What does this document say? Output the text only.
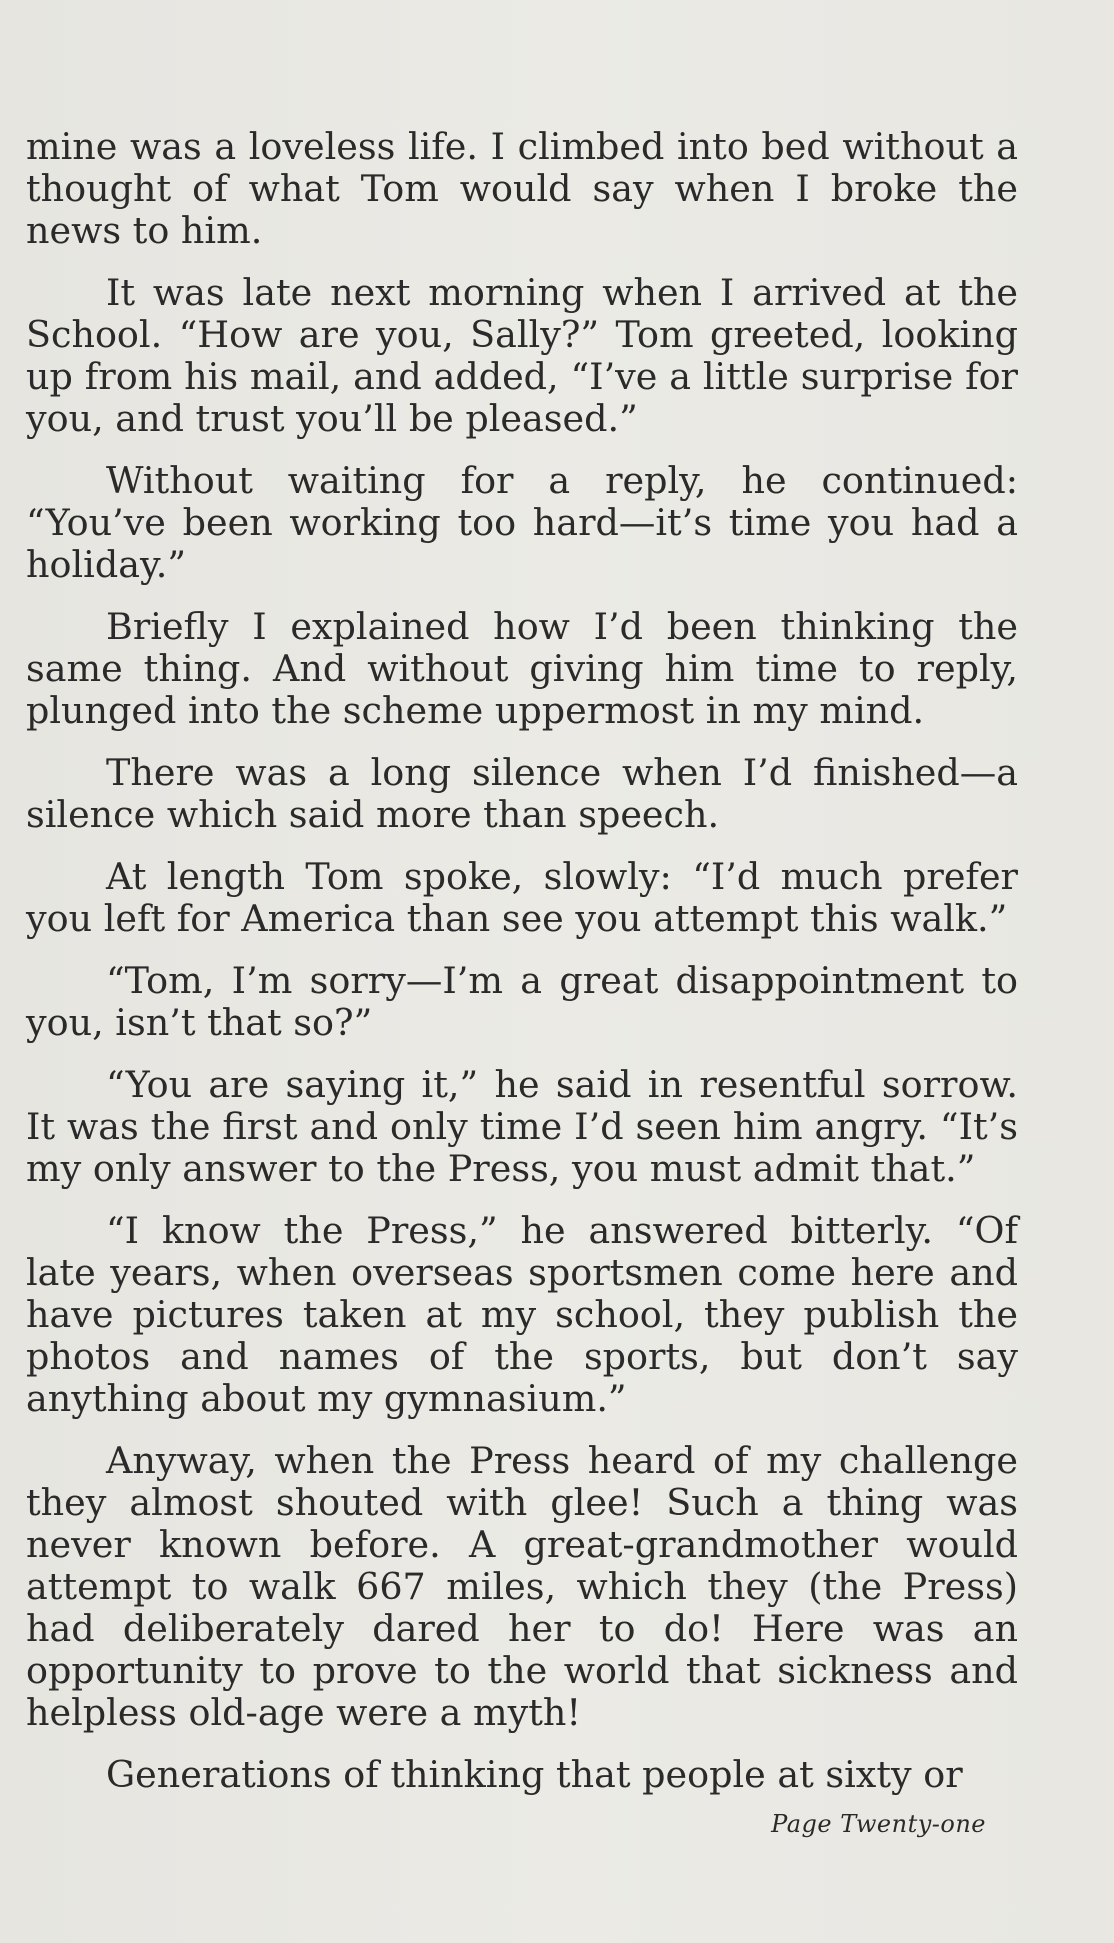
mine was a loveless life. I climbed into bed without a thought of what Tom would say when I broke the news to him.

It was late next morning when I arrived at the School. “How are you, Sally?” Tom greeted, looking up from his mail, and added, “I’ve a little surprise for you, and trust you’ll be pleased.”

Without waiting for a reply, he continued: “You’ve been working too hard—it’s time you had a holiday.”

Briefly I explained how I’d been thinking the same thing. And without giving him time to reply, plunged into the scheme uppermost in my mind.

There was a long silence when I’d finished—a silence which said more than speech.

At length Tom spoke, slowly: “I’d much prefer you left for America than see you attempt this walk.”

“Tom, I’m sorry—I’m a great disappointment to you, isn’t that so?”

“You are saying it,” he said in resentful sorrow. It was the first and only time I’d seen him angry. “It’s my only answer to the Press, you must admit that.”

“I know the Press,” he answered bitterly. “Of late years, when overseas sportsmen come here and have pictures taken at my school, they publish the photos and names of the sports, but don’t say anything about my gymnasium.”

Anyway, when the Press heard of my challenge they almost shouted with glee! Such a thing was never known before. A great-grandmother would attempt to walk 667 miles, which they (the Press) had deliberately dared her to do! Here was an opportunity to prove to the world that sickness and helpless old-age were a myth!

Generations of thinking that people at sixty or

Page Twenty-one
